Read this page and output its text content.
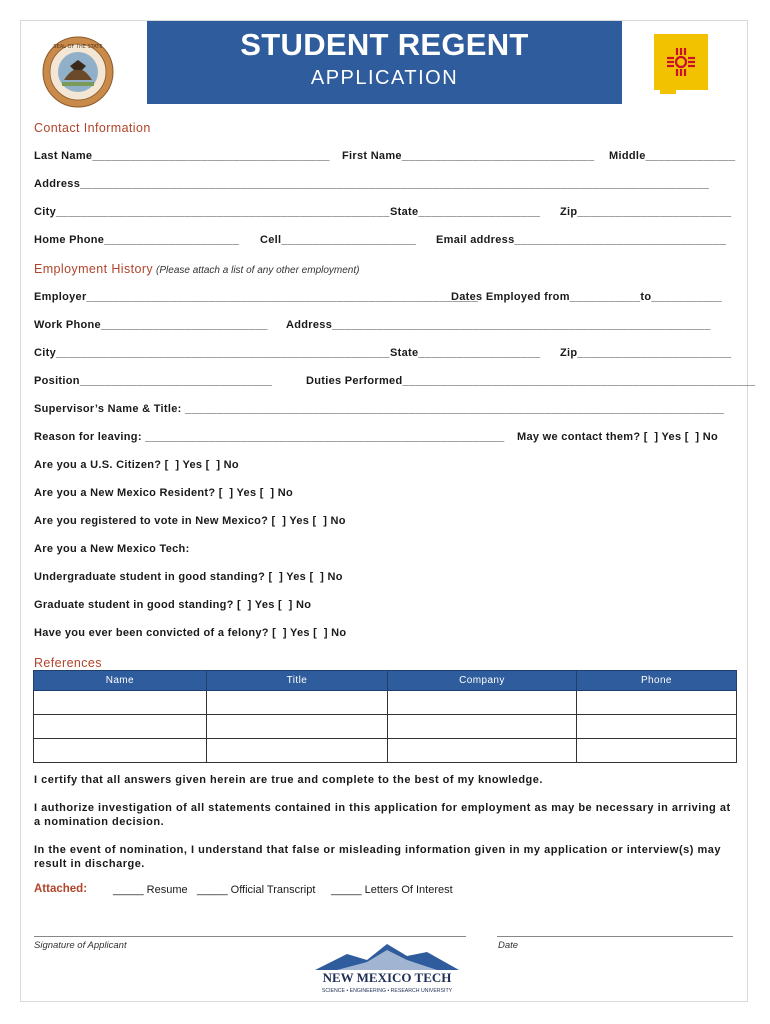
SEAL OF THE STATE	STUDENT REGENT
APPLICATION
Contact Information
Last Name_____________________________________ First Name______________________________ Middle______________
Address__________________________________________________________________________________________________
City____________________________________________________ State___________________ Zip________________________
Home Phone_____________________ Cell_____________________ Email address_________________________________
Employment History (Please attach a list of any other employment)
Employer_____________________________________________________________
Dates Employed from___________to___________
Work Phone__________________________ Address___________________________________________________________
City____________________________________________________ State___________________ Zip________________________
Position______________________________	Duties Performed_______________________________________________________
Supervisor’s Name & Title: ____________________________________________________________________________________
Reason for leaving: ________________________________________________________ May we contact them? [  ] Yes [  ] No
Are you a U.S. Citizen? [  ] Yes [  ] No
Are you a New Mexico Resident? [  ] Yes [  ] No
Are you registered to vote in New Mexico? [  ] Yes [  ] No
Are you a New Mexico Tech:
Undergraduate student in good standing? [  ] Yes [  ] No
Graduate student in good standing? [  ] Yes [  ] No
Have you ever been convicted of a felony? [  ] Yes [  ] No
References
Name	Title	Company	Phone

I certify that all answers given herein are true and complete to the best of my knowledge.
I authorize investigation of all statements contained in this application for employment as may be necessary in arriving at a nomination decision.
In the event of nomination, I understand that false or misleading information given in my application or interview(s) may result in discharge.
Attached: _____ Resume _____ Official Transcript _____ Letters Of Interest
Signature of Applicant	Date
NEW MEXICO TECH
SCIENCE • ENGINEERING • RESEARCH UNIVERSITY
